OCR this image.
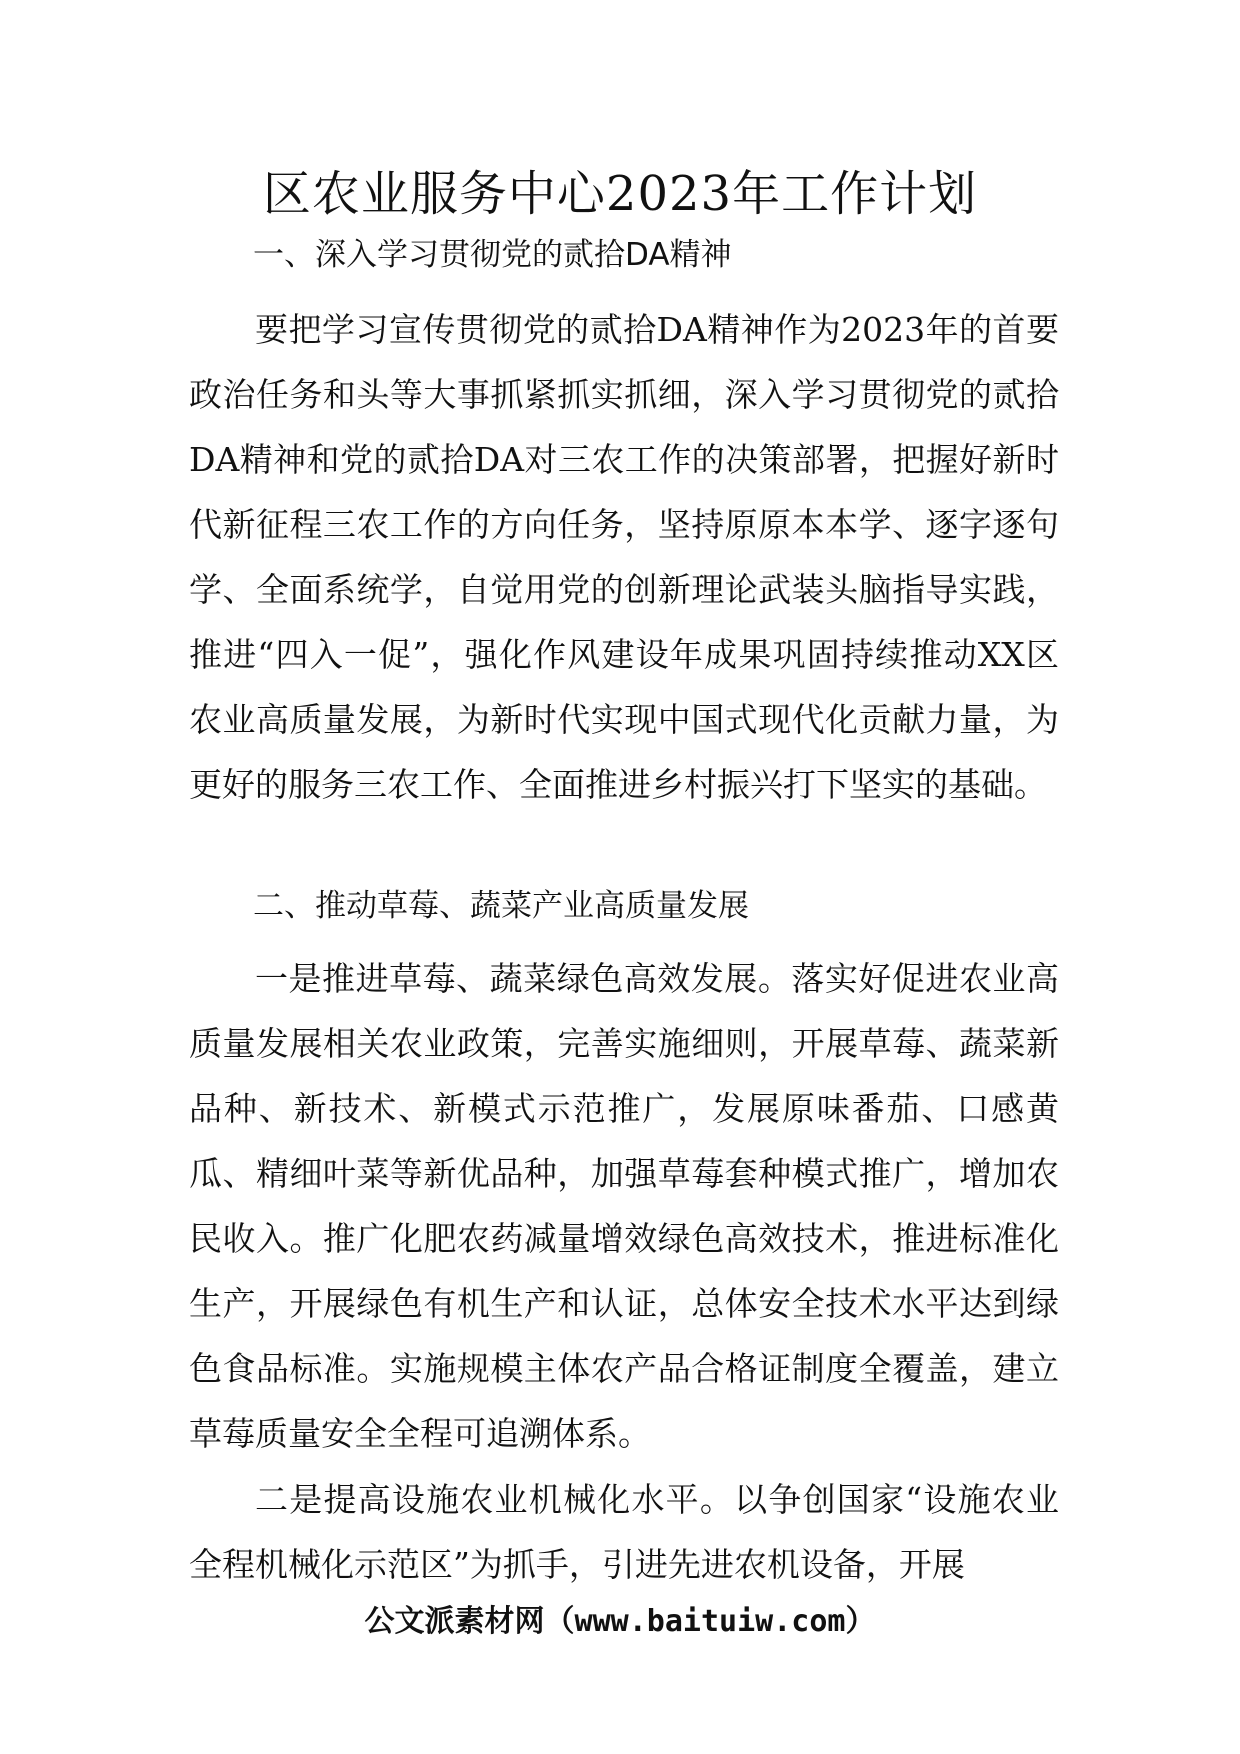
区农业服务中心2023年工作计划
一、深入学习贯彻党的贰拾DA精神

要把学习宣传贯彻党的贰拾DA精神作为2023年的首要政治任务和头等大事抓紧抓实抓细，深入学习贯彻党的贰拾DA精神和党的贰拾DA对三农工作的决策部署，把握好新时代新征程三农工作的方向任务，坚持原原本本学、逐字逐句学、全面系统学，自觉用党的创新理论武装头脑指导实践，推进“四入一促”，强化作风建设年成果巩固持续推动XX区农业高质量发展，为新时代实现中国式现代化贡献力量，为更好的服务三农工作、全面推进乡村振兴打下坚实的基础。

二、推动草莓、蔬菜产业高质量发展

一是推进草莓、蔬菜绿色高效发展。落实好促进农业高质量发展相关农业政策，完善实施细则，开展草莓、蔬菜新品种、新技术、新模式示范推广，发展原味番茄、口感黄瓜、精细叶菜等新优品种，加强草莓套种模式推广，增加农民收入。推广化肥农药减量增效绿色高效技术，推进标准化生产，开展绿色有机生产和认证，总体安全技术水平达到绿色食品标准。实施规模主体农产品合格证制度全覆盖，建立草莓质量安全全程可追溯体系。

二是提高设施农业机械化水平。以争创国家“设施农业全程机械化示范区”为抓手，引进先进农机设备，开展

公文派素材网（www.baituiw.com）
